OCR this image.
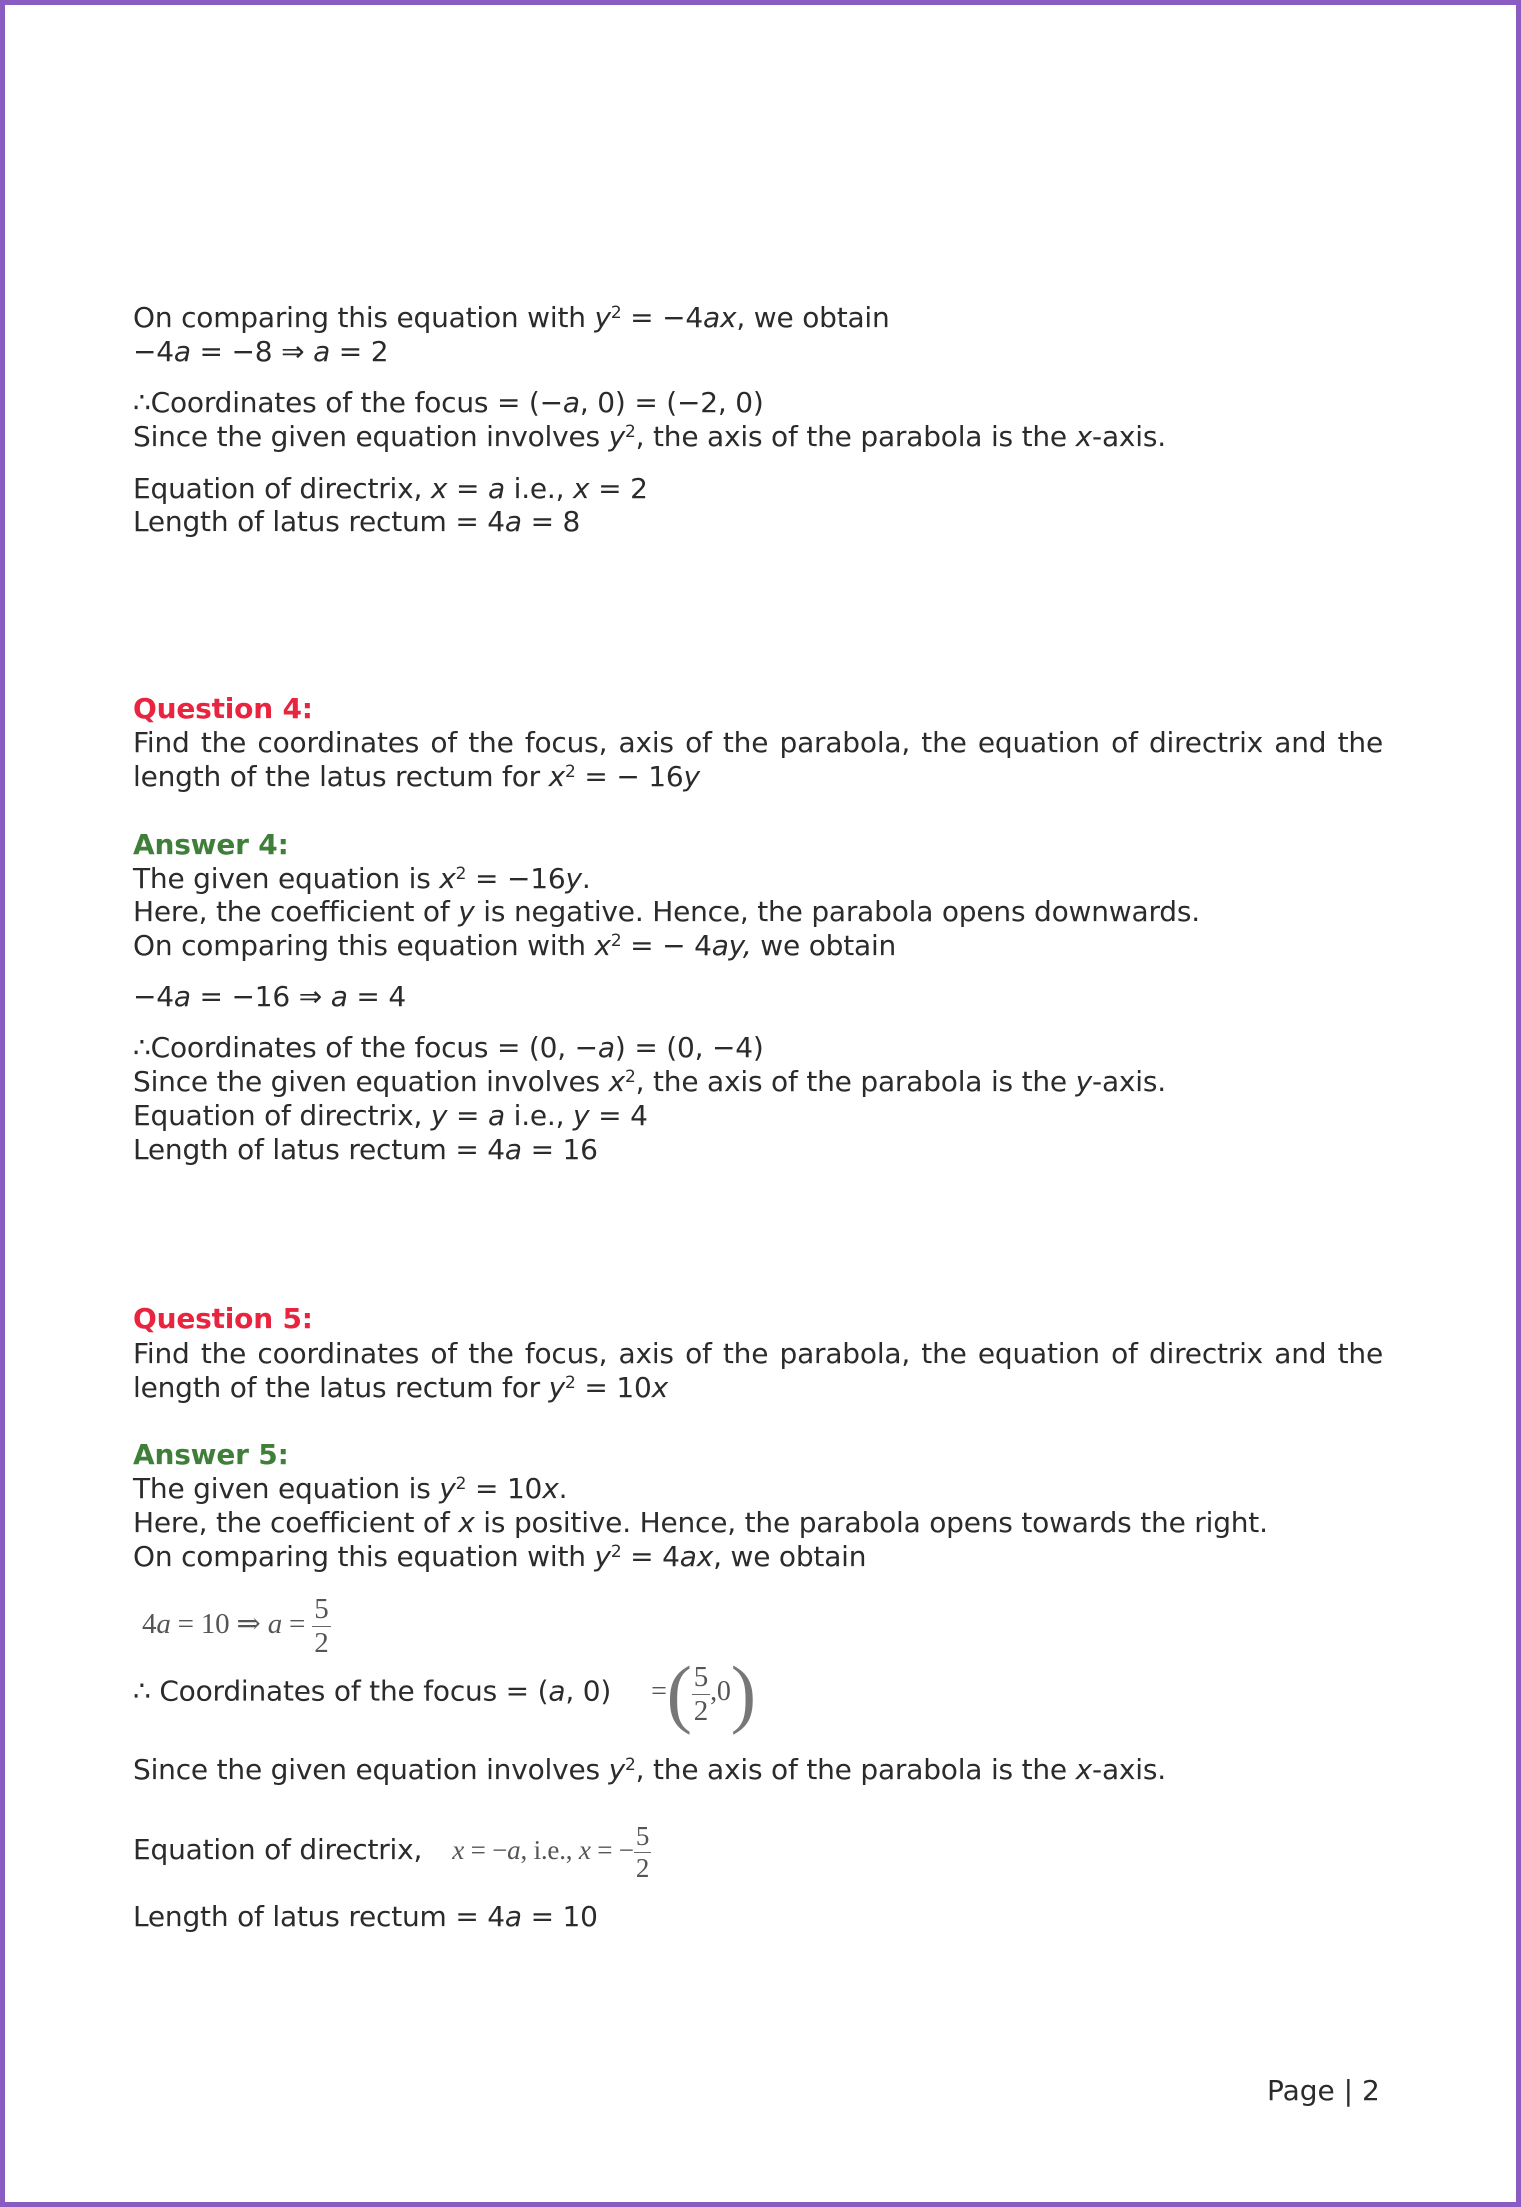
On comparing this equation with $y^2 = -4ax$, we obtain
−4a = −8 ⇒ a = 2
∴Coordinates of the focus = (−a, 0) = (−2, 0)
Since the given equation involves $y^2$, the axis of the parabola is the x-axis.
Equation of directrix, x = a i.e., x = 2
Length of latus rectum = 4a = 8
Question 4:
Find the coordinates of the focus, axis of the parabola, the equation of directrix and the
length of the latus rectum for $x^2$ = − 16y
Answer 4:
The given equation is $x^2 = -16y$.
Here, the coefficient of y is negative. Hence, the parabola opens downwards.
On comparing this equation with $x^2$ = − 4ay, we obtain
−4a = −16 ⇒ a = 4
∴Coordinates of the focus = (0, −a) = (0, −4)
Since the given equation involves $x^2$, the axis of the parabola is the y-axis.
Equation of directrix, y = a i.e., y = 4
Length of latus rectum = 4a = 16
Question 5:
Find the coordinates of the focus, axis of the parabola, the equation of directrix and the
length of the latus rectum for $y^2 = 10x$
Answer 5:
The given equation is $y^2 = 10x$.
Here, the coefficient of x is positive. Hence, the parabola opens towards the right.
On comparing this equation with $y^2 = 4ax$, we obtain
4a = 10 ⇒ $a = \frac{5}{2}$
∴ Coordinates of the focus = (a, 0) =( $\frac{5}{2} ,0$)
Since the given equation involves $y^2$, the axis of the parabola is the x-axis.
Equation of directrix, x = −a, i.e., x = − $\frac{5}{2}$
Length of latus rectum = 4a = 10
Page | 2
